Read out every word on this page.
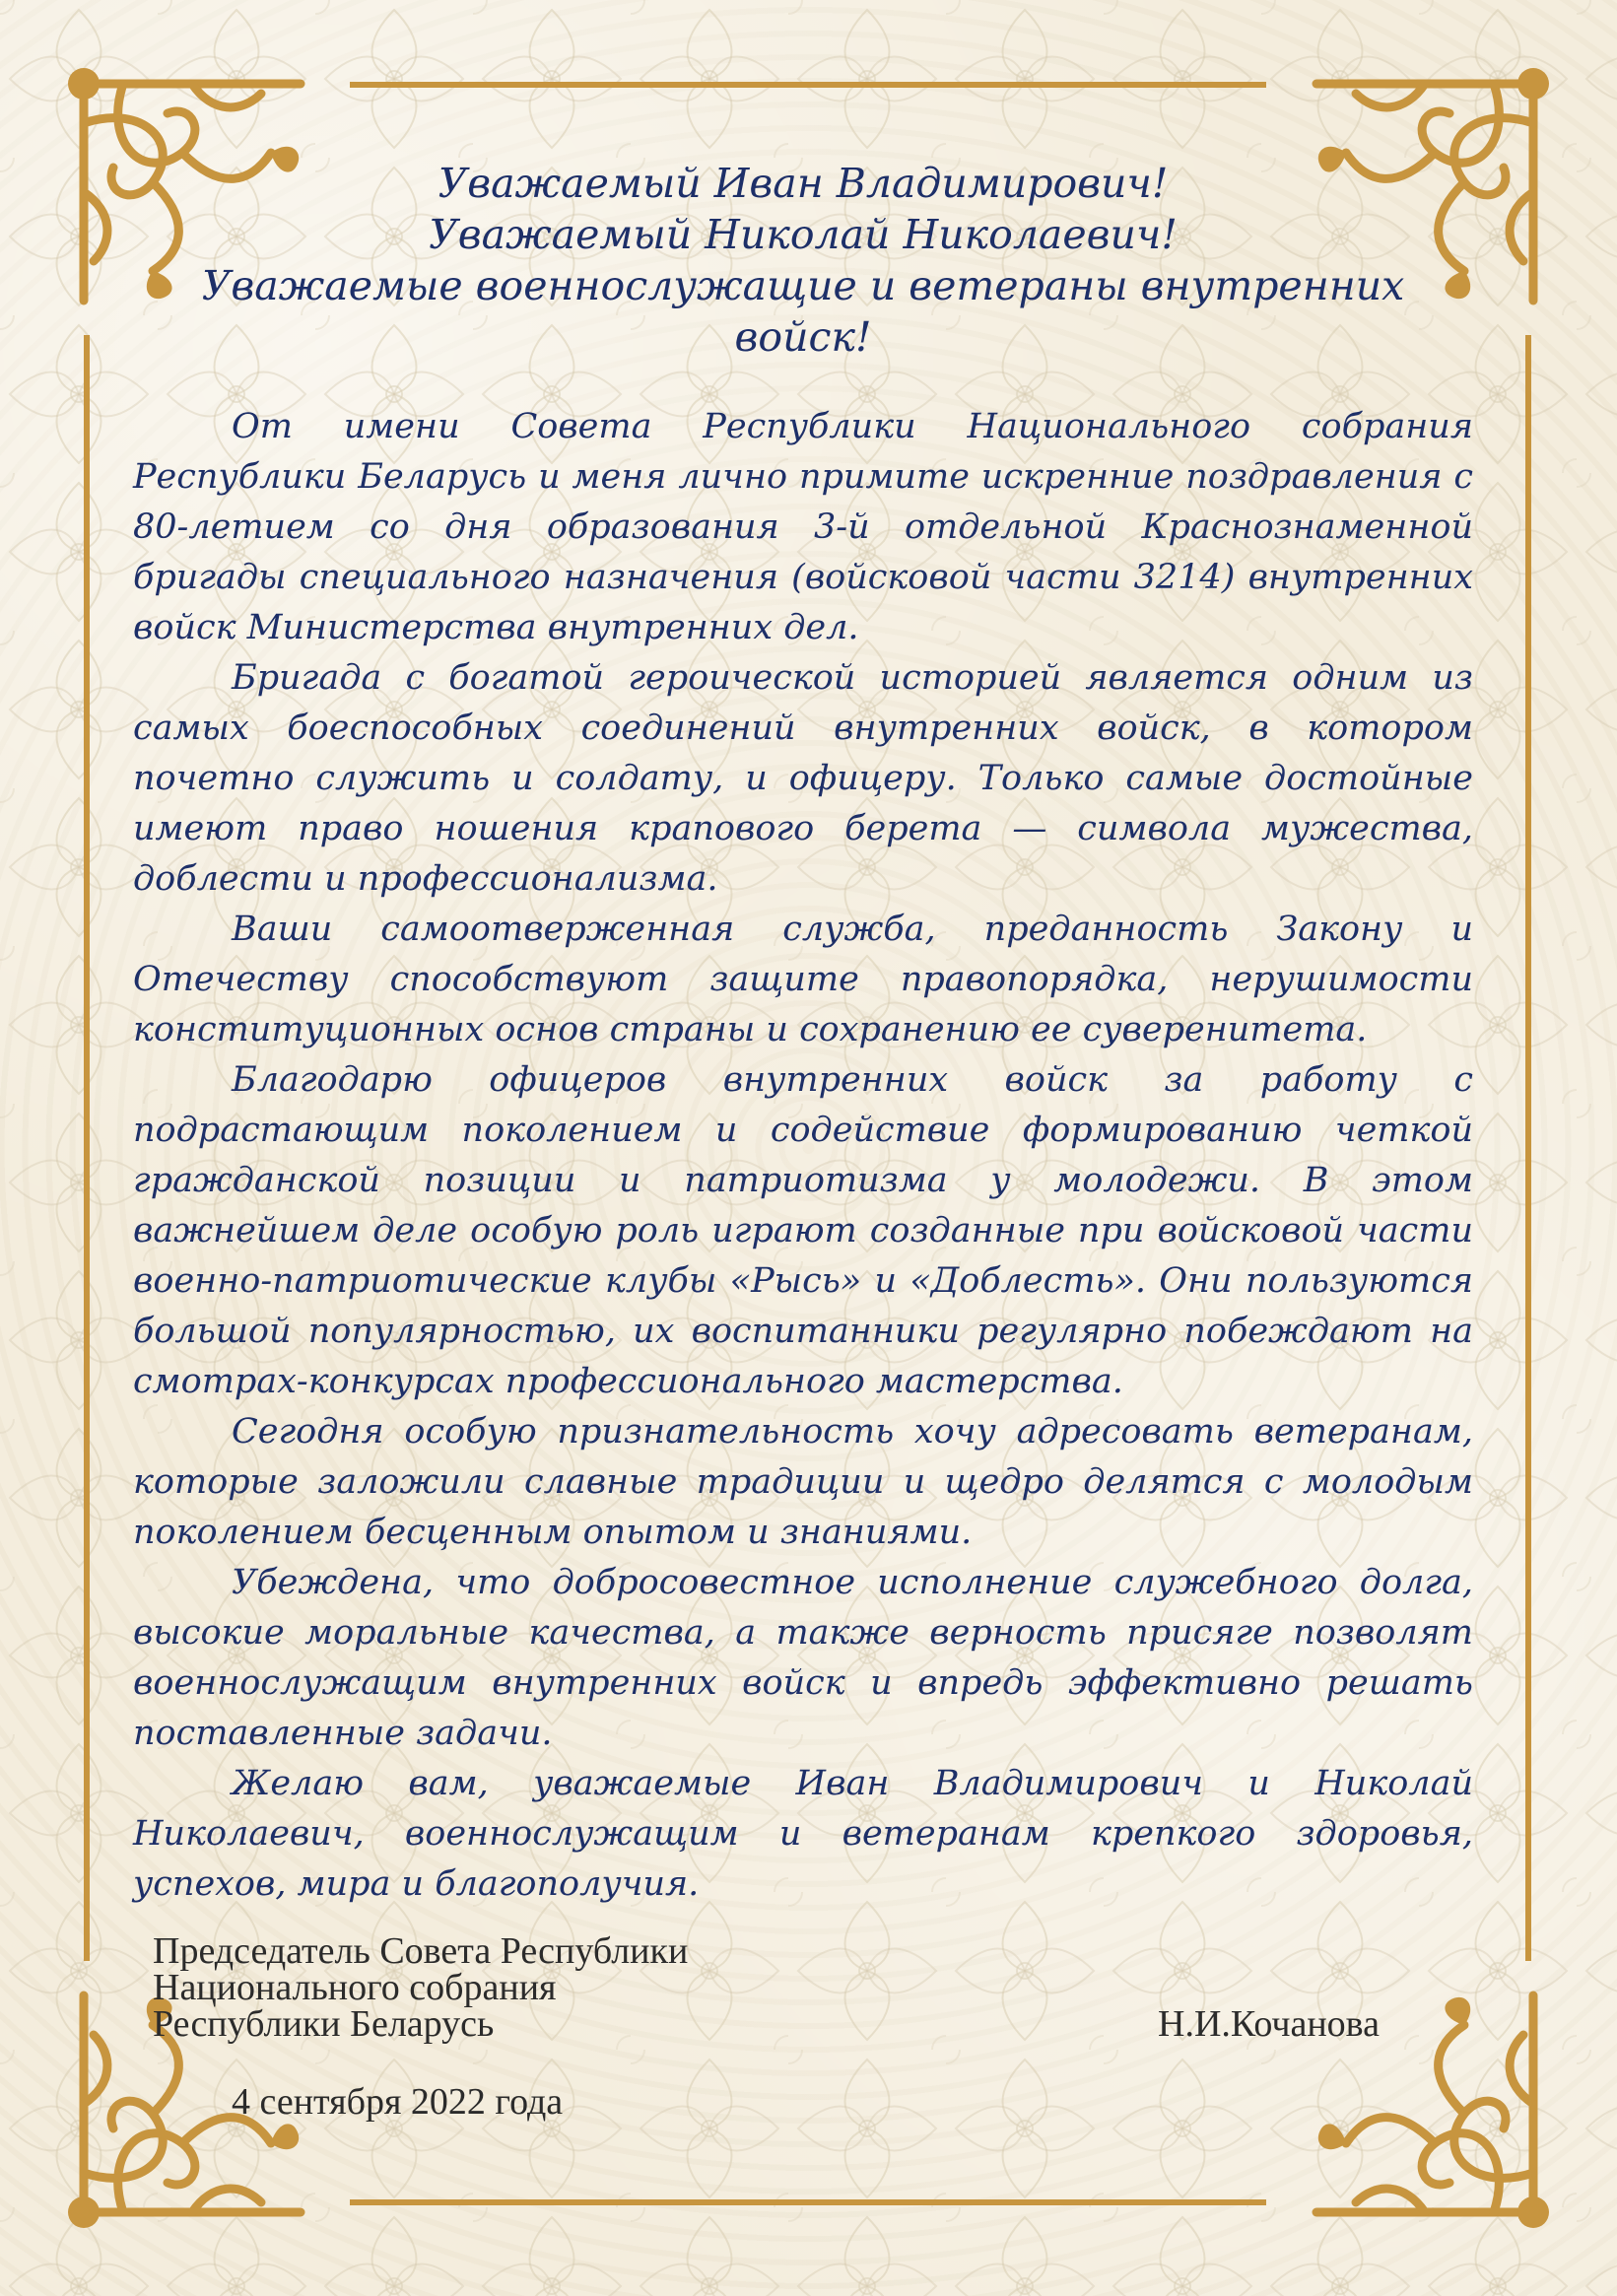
Уважаемый Иван Владимирович!
Уважаемый Николай Николаевич!
Уважаемые военнослужащие и ветераны внутренних войск!

От имени Совета Республики Национального собрания Республики Беларусь и меня лично примите искренние поздравления с 80-летием со дня образования 3-й отдельной Краснознаменной бригады специального назначения (войсковой части 3214) внутренних войск Министерства внутренних дел.

Бригада с богатой героической историей является одним из самых боеспособных соединений внутренних войск, в котором почетно служить и солдату, и офицеру. Только самые достойные имеют право ношения крапового берета — символа мужества, доблести и профессионализма.

Ваши самоотверженная служба, преданность Закону и Отечеству способствуют защите правопорядка, нерушимости конституционных основ страны и сохранению ее суверенитета.

Благодарю офицеров внутренних войск за работу с подрастающим поколением и содействие формированию четкой гражданской позиции и патриотизма у молодежи. В этом важнейшем деле особую роль играют созданные при войсковой части военно-патриотические клубы «Рысь» и «Доблесть». Они пользуются большой популярностью, их воспитанники регулярно побеждают на смотрах-конкурсах профессионального мастерства.

Сегодня особую признательность хочу адресовать ветеранам, которые заложили славные традиции и щедро делятся с молодым поколением бесценным опытом и знаниями.

Убеждена, что добросовестное исполнение служебного долга, высокие моральные качества, а также верность присяге позволят военнослужащим внутренних войск и впредь эффективно решать поставленные задачи.

Желаю вам, уважаемые Иван Владимирович и Николай Николаевич, военнослужащим и ветеранам крепкого здоровья, успехов, мира и благополучия.

Председатель Совета Республики
Национального собрания
Республики Беларусь	Н.И.Кочанова
4 сентября 2022 года
